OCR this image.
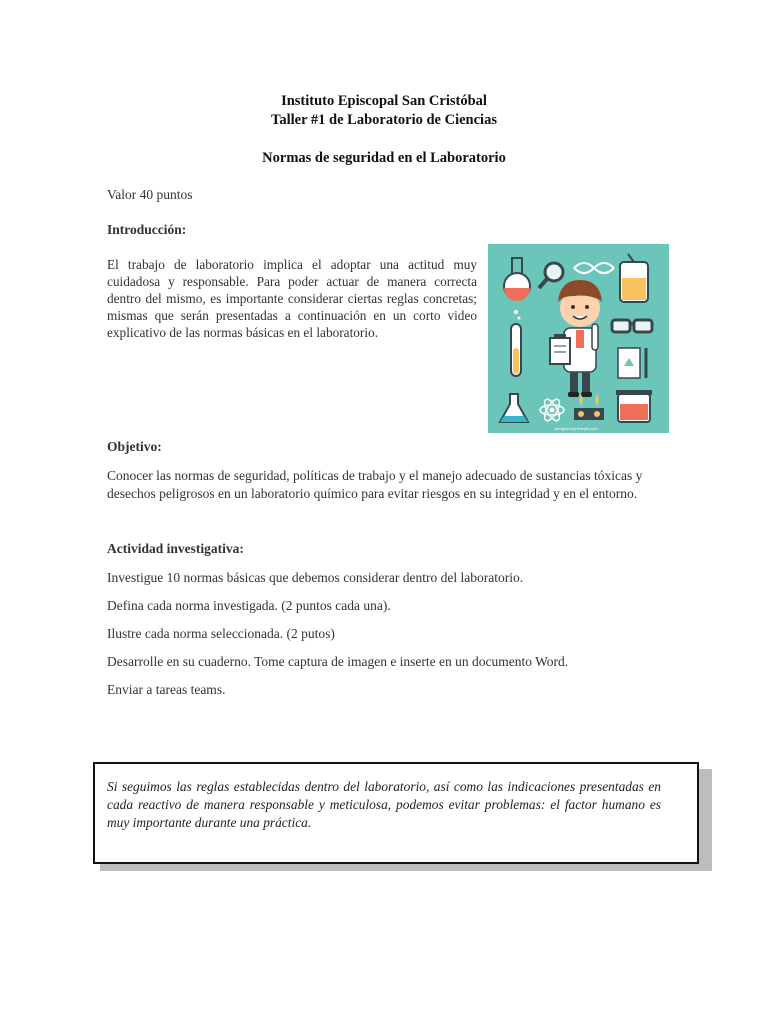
Instituto Episcopal San Cristóbal
Taller #1 de Laboratorio de Ciencias
Normas de seguridad en el Laboratorio
Valor 40 puntos
Introducción:
El trabajo de laboratorio implica el adoptar una actitud muy cuidadosa y responsable. Para poder actuar de manera correcta dentro del mismo, es importante considerar ciertas reglas concretas; mismas que serán presentadas a continuación en un corto video explicativo de las normas básicas en el laboratorio.
designed by freepik.com
Objetivo:
Conocer las normas de seguridad, políticas de trabajo y el manejo adecuado de sustancias tóxicas y desechos peligrosos en un laboratorio químico para evitar riesgos en su integridad y en el entorno.
Actividad investigativa:
Investigue 10 normas básicas que debemos considerar dentro del laboratorio.
Defina cada norma investigada. (2 puntos cada una).
Ilustre cada norma seleccionada. (2 putos)
Desarrolle en su cuaderno. Tome captura de imagen e inserte en un documento Word.
Enviar a tareas teams.
Si seguimos las reglas establecidas dentro del laboratorio, así como las indicaciones presentadas en cada reactivo de manera responsable y meticulosa, podemos evitar problemas: el factor humano es muy importante durante una práctica.
